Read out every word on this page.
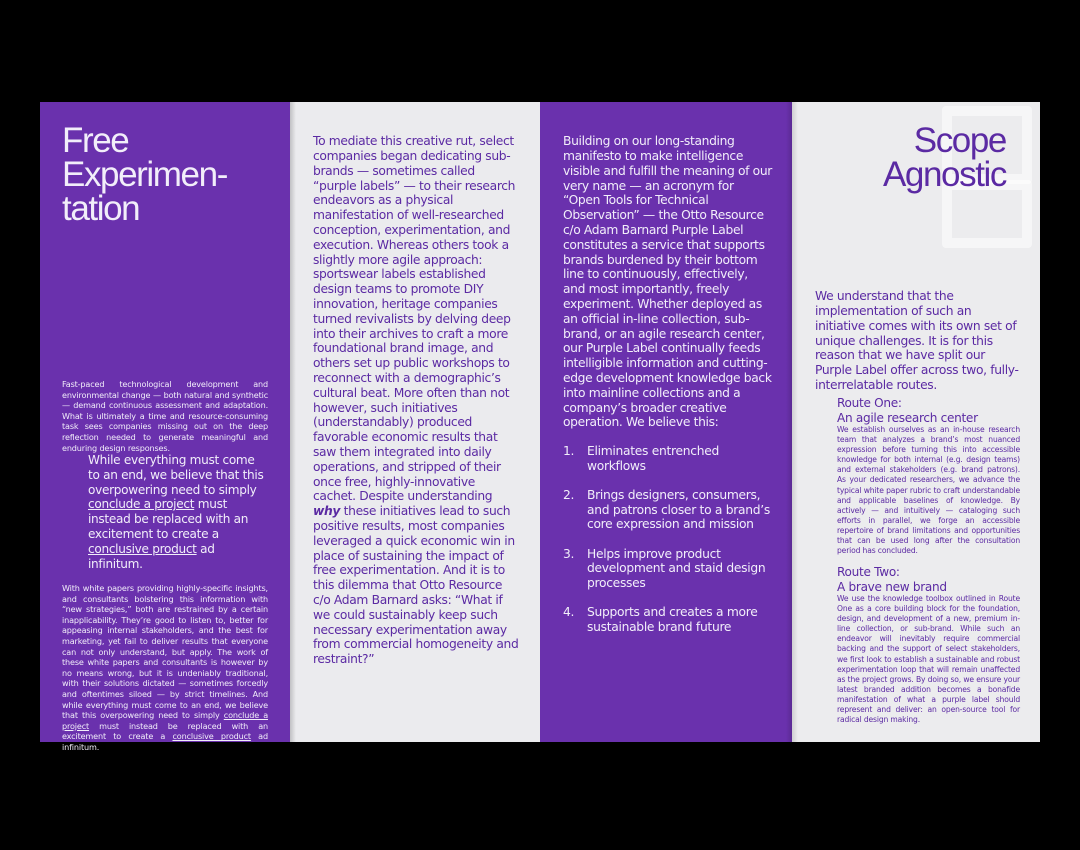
Free
Experimen-
tation

Fast-paced technological development and environmental change — both natural and synthetic — demand continuous assessment and adaptation. What is ultimately a time and resource-consuming task sees companies missing out on the deep reflection needed to generate meaningful and enduring design responses.

While everything must come to an end, we believe that this overpowering need to simply conclude a project must instead be replaced with an excitement to create a conclusive product ad infinitum.

With white papers providing highly-specific insights, and consultants bolstering this information with “new strategies,” both are restrained by a certain inapplicability. They’re good to listen to, better for appeasing internal stakeholders, and the best for marketing, yet fail to deliver results that everyone can not only understand, but apply. The work of these white papers and consultants is however by no means wrong, but it is undeniably traditional, with their solutions dictated — sometimes forcedly and oftentimes siloed — by strict timelines. And while everything must come to an end, we believe that this overpowering need to simply conclude a project must instead be replaced with an excitement to create a conclusive product ad infinitum.

To mediate this creative rut, select companies began dedicating sub-brands — sometimes called “purple labels” — to their research endeavors as a physical manifestation of well-researched conception, experimentation, and execution. Whereas others took a slightly more agile approach: sportswear labels established design teams to promote DIY innovation, heritage companies turned revivalists by delving deep into their archives to craft a more foundational brand image, and others set up public workshops to reconnect with a demographic’s cultural beat. More often than not however, such initiatives (understandably) produced favorable economic results that saw them integrated into daily operations, and stripped of their once free, highly-innovative cachet. Despite understanding why these initiatives lead to such positive results, most companies leveraged a quick economic win in place of sustaining the impact of free experimentation. And it is to this dilemma that Otto Resource c/o Adam Barnard asks: “What if we could sustainably keep such necessary experimentation away from commercial homogeneity and restraint?”

Building on our long-standing manifesto to make intelligence visible and fulfill the meaning of our very name — an acronym for “Open Tools for Technical Observation” — the Otto Resource c/o Adam Barnard Purple Label constitutes a service that supports brands burdened by their bottom line to continuously, effectively, and most importantly, freely experiment. Whether deployed as an official in-line collection, sub-brand, or an agile research center, our Purple Label continually feeds intelligible information and cutting-edge development knowledge back into mainline collections and a company’s broader creative operation. We believe this:

1.	Eliminates entrenched workflows
2.	Brings designers, consumers, and patrons closer to a brand’s core expression and mission
3.	Helps improve product development and staid design processes
4.	Supports and creates a more sustainable brand future
Scope
Agnostic

We understand that the implementation of such an initiative comes with its own set of unique challenges. It is for this reason that we have split our Purple Label offer across two, fully-interrelatable routes.

Route One:
An agile research center

We establish ourselves as an in-house research team that analyzes a brand’s most nuanced expression before turning this into accessible knowledge for both internal (e.g. design teams) and external stakeholders (e.g. brand patrons). As your dedicated researchers, we advance the typical white paper rubric to craft understandable and applicable baselines of knowledge. By actively — and intuitively — cataloging such efforts in parallel, we forge an accessible repertoire of brand limitations and opportunities that can be used long after the consultation period has concluded.

Route Two:
A brave new brand

We use the knowledge toolbox outlined in Route One as a core building block for the foundation, design, and development of a new, premium in-line collection, or sub-brand. While such an endeavor will inevitably require commercial backing and the support of select stakeholders, we first look to establish a sustainable and robust experimentation loop that will remain unaffected as the project grows. By doing so, we ensure your latest branded addition becomes a bonafide manifestation of what a purple label should represent and deliver: an open-source tool for radical design making.
